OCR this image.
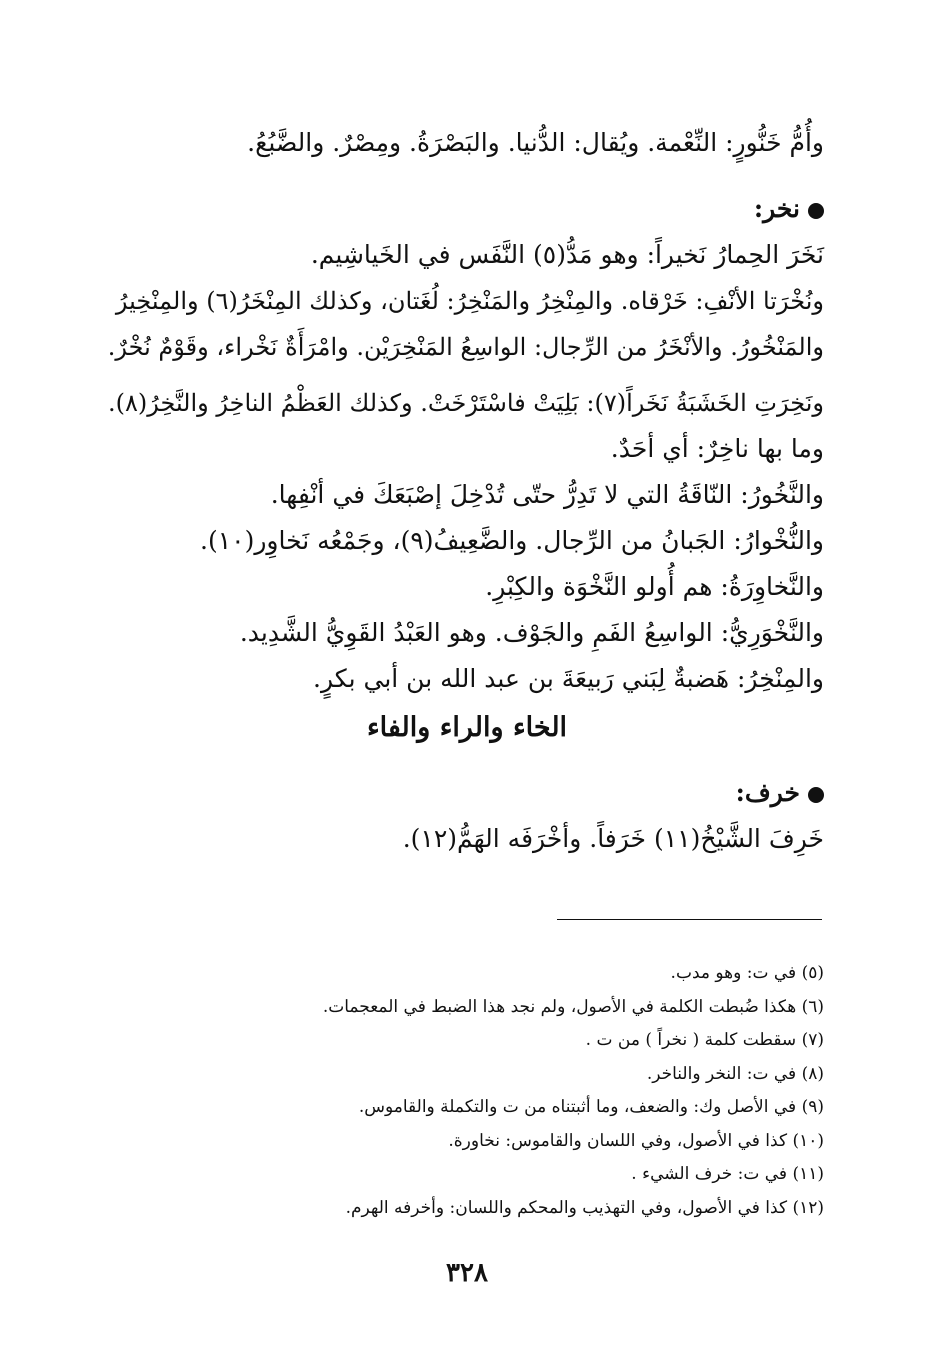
وأُمُّ خَنُّورٍ: النِّعْمة. ويُقال: الدُّنيا. والبَصْرَةُ. ومِصْرٌ. والضَّبُعُ.

نخر:

نَخَرَ الحِمارُ نَخيراً: وهو مَدُّ(٥) النَّفَس في الخَياشِيم.

ونُخْرَتا الأنْفِ: خَرْقاه. والمِنْخِرُ والمَنْخِرُ: لُغَتان، وكذلك المِنْخَرُ(٦) والمِنْخِيرُ

والمَنْخُورُ. والأنْخَرُ من الرِّجال: الواسِعُ المَنْخِرَيْن. وامْرَأَةٌ نَخْراء، وقَوْمٌ نُخْرٌ.

ونَخِرَتِ الخَشَبَةُ نَخَراً(٧): بَلِيَتْ فاسْتَرْخَتْ. وكذلك العَظْمُ الناخِرُ والنَّخِرُ(٨).

وما بها ناخِرٌ: أي أحَدٌ.

والنَّخُورُ: النّاقَةُ التي لا تَدِرُّ حتّى تُدْخِلَ إصْبَعَكَ في أنْفِها.

والنُّخْوارُ: الجَبانُ من الرِّجال. والضَّعِيفُ(٩)، وجَمْعُه نَخاوِر(١٠).

والنَّخاوِرَةُ: هم أُولو النَّخْوَة والكِبْرِ.

والنَّخْوَرِيُّ: الواسِعُ الفَمِ والجَوْف. وهو العَبْدُ القَوِيُّ الشَّدِيد.

والمِنْخِرُ: هَضبةٌ لِبَني رَبيعَةَ بن عبد الله بن أبي بكرٍ.

الخاء والراء والفاء
خرف:

خَرِفَ الشَّيْخُ(١١) خَرَفاً. وأخْرَفَه الهَمُّ(١٢).

(٥) في ت: وهو مدب.

(٦) هكذا ضُبطت الكلمة في الأصول، ولم نجد هذا الضبط في المعجمات.

(٧) سقطت كلمة ( نخراً ) من ت .

(٨) في ت: النخر والناخر.

(٩) في الأصل وك: والضعف، وما أثبتناه من ت والتكملة والقاموس.

(١٠) كذا في الأصول، وفي اللسان والقاموس: نخاورة.

(١١) في ت: خرف الشيء .

(١٢) كذا في الأصول، وفي التهذيب والمحكم واللسان: وأخرفه الهرم.

٣٢٨
